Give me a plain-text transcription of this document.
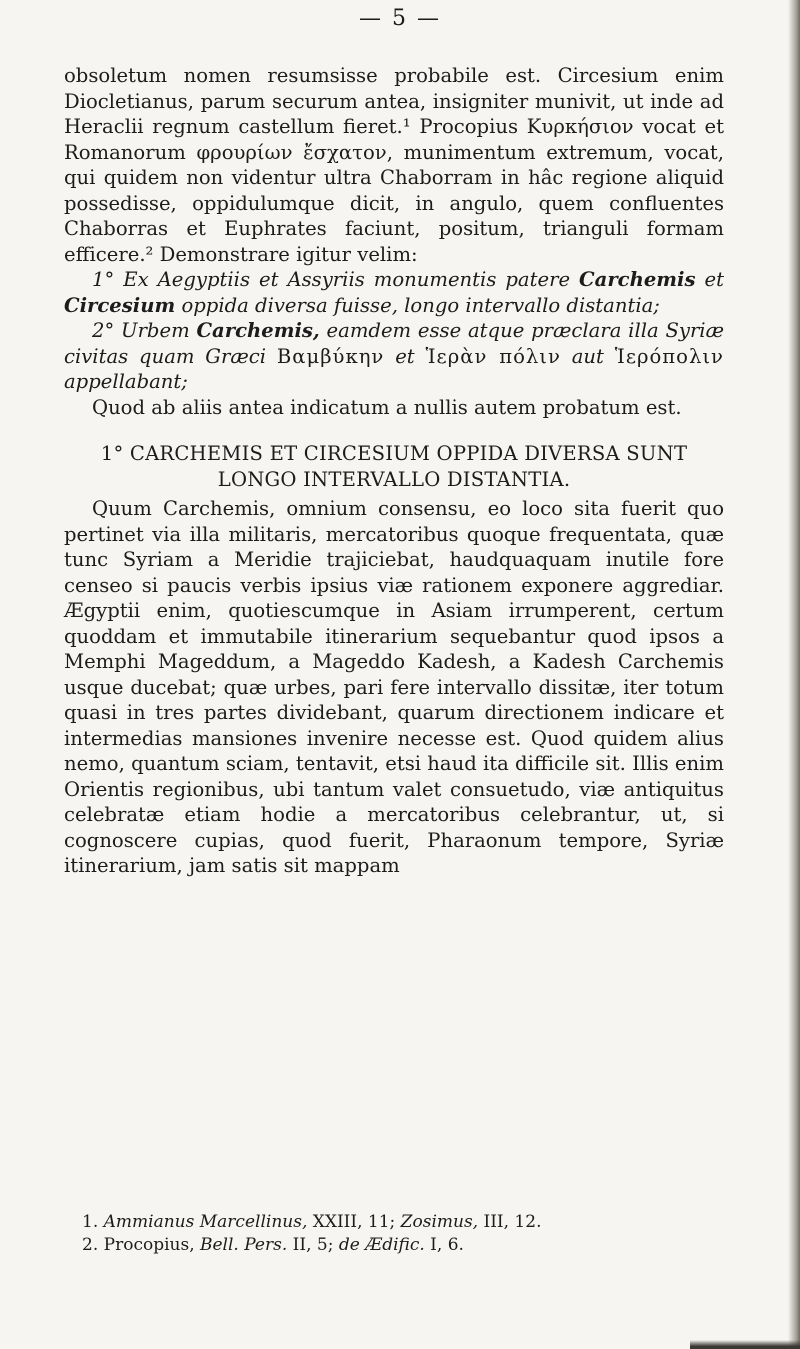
— 5 —

obsoletum nomen resumsisse probabile est. Circesium enim Diocletianus, parum securum antea, insigniter munivit, ut inde ad Heraclii regnum castellum fieret.¹ Procopius Κυρκήσιον vocat et Romanorum φρουρίων ἔσχατον, munimentum extremum, vocat, qui quidem non videntur ultra Chaborram in hâc regione aliquid possedisse, oppidulumque dicit, in angulo, quem confluentes Chaborras et Euphrates faciunt, positum, trianguli formam efficere.² Demonstrare igitur velim:

1° Ex Aegyptiis et Assyriis monumentis patere Carchemis et Circesium oppida diversa fuisse, longo intervallo distantia;

2° Urbem Carchemis, eamdem esse atque præclara illa Syriæ civitas quam Græci Βαμβύκην et Ἱερὰν πόλιν aut Ἱερόπολιν appellabant;

Quod ab aliis antea indicatum a nullis autem probatum est.

1° CARCHEMIS ET CIRCESIUM OPPIDA DIVERSA SUNT LONGO INTERVALLO DISTANTIA.

Quum Carchemis, omnium consensu, eo loco sita fuerit quo pertinet via illa militaris, mercatoribus quoque frequentata, quæ tunc Syriam a Meridie trajiciebat, haudquaquam inutile fore censeo si paucis verbis ipsius viæ rationem exponere aggrediar. Ægyptii enim, quotiescumque in Asiam irrumperent, certum quoddam et immutabile itinerarium sequebantur quod ipsos a Memphi Mageddum, a Mageddo Kadesh, a Kadesh Carchemis usque ducebat; quæ urbes, pari fere intervallo dissitæ, iter totum quasi in tres partes dividebant, quarum directionem indicare et intermedias mansiones invenire necesse est. Quod quidem alius nemo, quantum sciam, tentavit, etsi haud ita difficile sit. Illis enim Orientis regionibus, ubi tantum valet consuetudo, viæ antiquitus celebratæ etiam hodie a mercatoribus celebrantur, ut, si cognoscere cupias, quod fuerit, Pharaonum tempore, Syriæ itinerarium, jam satis sit mappam

1. Ammianus Marcellinus, XXIII, 11; Zosimus, III, 12.

2. Procopius, Bell. Pers. II, 5; de Ædific. I, 6.
